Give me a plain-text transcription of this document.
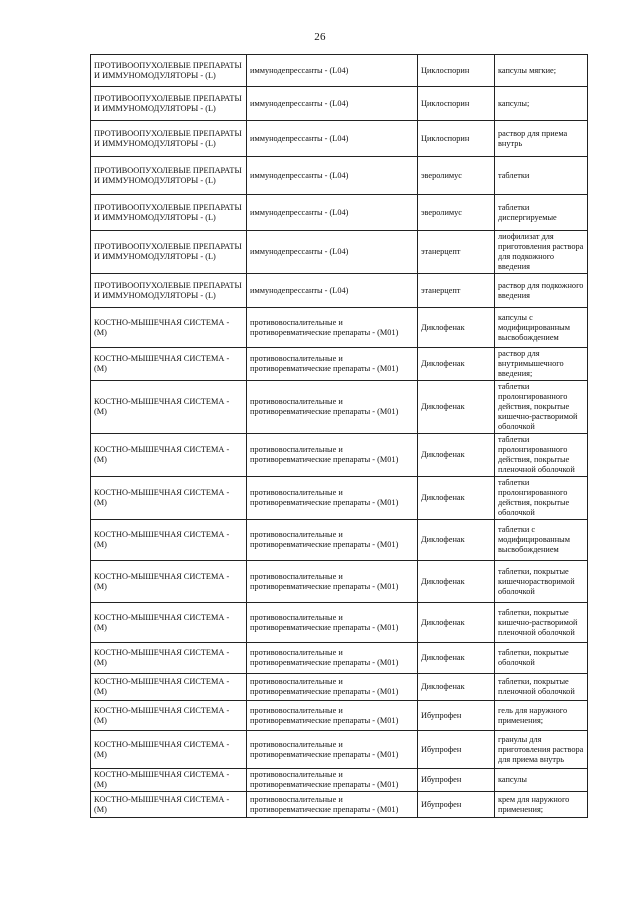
26
ПРОТИВООПУХОЛЕВЫЕ ПРЕПАРАТЫ И ИММУНОМОДУЛЯТОРЫ - (L)	иммунодепрессанты - (L04)	Циклоспорин	капсулы мягкие;
ПРОТИВООПУХОЛЕВЫЕ ПРЕПАРАТЫ И ИММУНОМОДУЛЯТОРЫ - (L)	иммунодепрессанты - (L04)	Циклоспорин	капсулы;
ПРОТИВООПУХОЛЕВЫЕ ПРЕПАРАТЫ И ИММУНОМОДУЛЯТОРЫ - (L)	иммунодепрессанты - (L04)	Циклоспорин	раствор для приема внутрь
ПРОТИВООПУХОЛЕВЫЕ ПРЕПАРАТЫ И ИММУНОМОДУЛЯТОРЫ - (L)	иммунодепрессанты - (L04)	эверолимус	таблетки
ПРОТИВООПУХОЛЕВЫЕ ПРЕПАРАТЫ И ИММУНОМОДУЛЯТОРЫ - (L)	иммунодепрессанты - (L04)	эверолимус	таблетки диспергируемые
ПРОТИВООПУХОЛЕВЫЕ ПРЕПАРАТЫ И ИММУНОМОДУЛЯТОРЫ - (L)	иммунодепрессанты - (L04)	этанерцепт	лиофилизат для приготовления раствора для подкожного введения
ПРОТИВООПУХОЛЕВЫЕ ПРЕПАРАТЫ И ИММУНОМОДУЛЯТОРЫ - (L)	иммунодепрессанты - (L04)	этанерцепт	раствор для подкожного введения
КОСТНО-МЫШЕЧНАЯ СИСТЕМА - (М)	противовоспалительные и противоревматические препараты - (М01)	Диклофенак	капсулы с модифицированным высвобождением
КОСТНО-МЫШЕЧНАЯ СИСТЕМА - (М)	противовоспалительные и противоревматические препараты - (М01)	Диклофенак	раствор для внутримышечного введения;
КОСТНО-МЫШЕЧНАЯ СИСТЕМА - (М)	противовоспалительные и противоревматические препараты - (М01)	Диклофенак	таблетки пролонгированного действия, покрытые кишечно-растворимой оболочкой
КОСТНО-МЫШЕЧНАЯ СИСТЕМА - (М)	противовоспалительные и противоревматические препараты - (М01)	Диклофенак	таблетки пролонгированного действия, покрытые пленочной оболочкой
КОСТНО-МЫШЕЧНАЯ СИСТЕМА - (М)	противовоспалительные и противоревматические препараты - (М01)	Диклофенак	таблетки пролонгированного действия, покрытые оболочкой
КОСТНО-МЫШЕЧНАЯ СИСТЕМА - (М)	противовоспалительные и противоревматические препараты - (М01)	Диклофенак	таблетки с модифицированным высвобождением
КОСТНО-МЫШЕЧНАЯ СИСТЕМА - (М)	противовоспалительные и противоревматические препараты - (М01)	Диклофенак	таблетки, покрытые кишечнорастворимой оболочкой
КОСТНО-МЫШЕЧНАЯ СИСТЕМА - (М)	противовоспалительные и противоревматические препараты - (М01)	Диклофенак	таблетки, покрытые кишечно-растворимой пленочной оболочкой
КОСТНО-МЫШЕЧНАЯ СИСТЕМА - (М)	противовоспалительные и противоревматические препараты - (М01)	Диклофенак	таблетки, покрытые оболочкой
КОСТНО-МЫШЕЧНАЯ СИСТЕМА - (М)	противовоспалительные и противоревматические препараты - (М01)	Диклофенак	таблетки, покрытые пленочной оболочкой
КОСТНО-МЫШЕЧНАЯ СИСТЕМА - (М)	противовоспалительные и противоревматические препараты - (М01)	Ибупрофен	гель для наружного применения;
КОСТНО-МЫШЕЧНАЯ СИСТЕМА - (М)	противовоспалительные и противоревматические препараты - (М01)	Ибупрофен	гранулы для приготовления раствора для приема внутрь
КОСТНО-МЫШЕЧНАЯ СИСТЕМА - (М)	противовоспалительные и противоревматические препараты - (М01)	Ибупрофен	капсулы
КОСТНО-МЫШЕЧНАЯ СИСТЕМА - (М)	противовоспалительные и противоревматические препараты - (М01)	Ибупрофен	крем для наружного применения;
